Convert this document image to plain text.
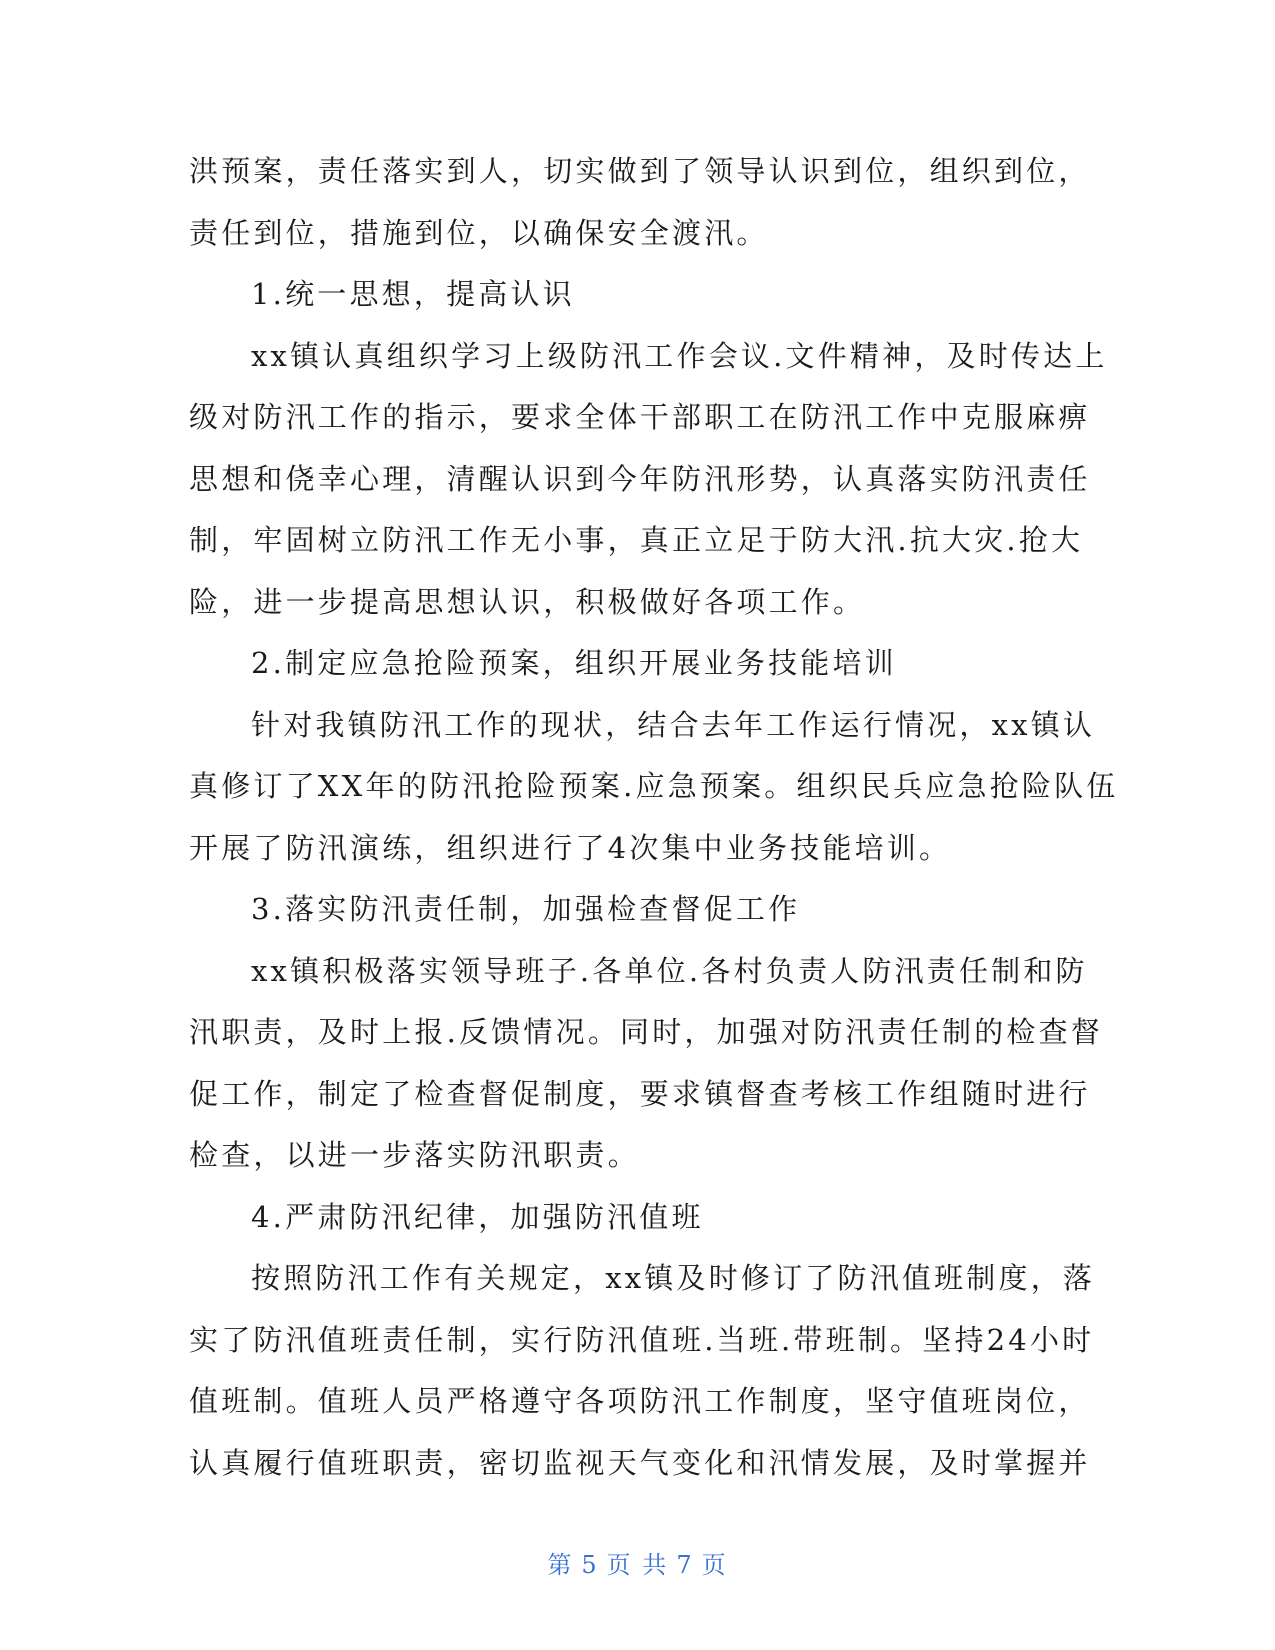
洪预案，责任落实到人，切实做到了领导认识到位，组织到位，
责任到位，措施到位，以确保安全渡汛。
1.统一思想，提高认识
xx镇认真组织学习上级防汛工作会议.文件精神，及时传达上
级对防汛工作的指示，要求全体干部职工在防汛工作中克服麻痹
思想和侥幸心理，清醒认识到今年防汛形势，认真落实防汛责任
制，牢固树立防汛工作无小事，真正立足于防大汛.抗大灾.抢大
险，进一步提高思想认识，积极做好各项工作。
2.制定应急抢险预案，组织开展业务技能培训
针对我镇防汛工作的现状，结合去年工作运行情况，xx镇认
真修订了XX年的防汛抢险预案.应急预案。组织民兵应急抢险队伍
开展了防汛演练，组织进行了4次集中业务技能培训。
3.落实防汛责任制，加强检查督促工作
xx镇积极落实领导班子.各单位.各村负责人防汛责任制和防
汛职责，及时上报.反馈情况。同时，加强对防汛责任制的检查督
促工作，制定了检查督促制度，要求镇督查考核工作组随时进行
检查，以进一步落实防汛职责。
4.严肃防汛纪律，加强防汛值班
按照防汛工作有关规定，xx镇及时修订了防汛值班制度，落
实了防汛值班责任制，实行防汛值班.当班.带班制。坚持24小时
值班制。值班人员严格遵守各项防汛工作制度，坚守值班岗位，
认真履行值班职责，密切监视天气变化和汛情发展，及时掌握并
第 5 页 共 7 页
